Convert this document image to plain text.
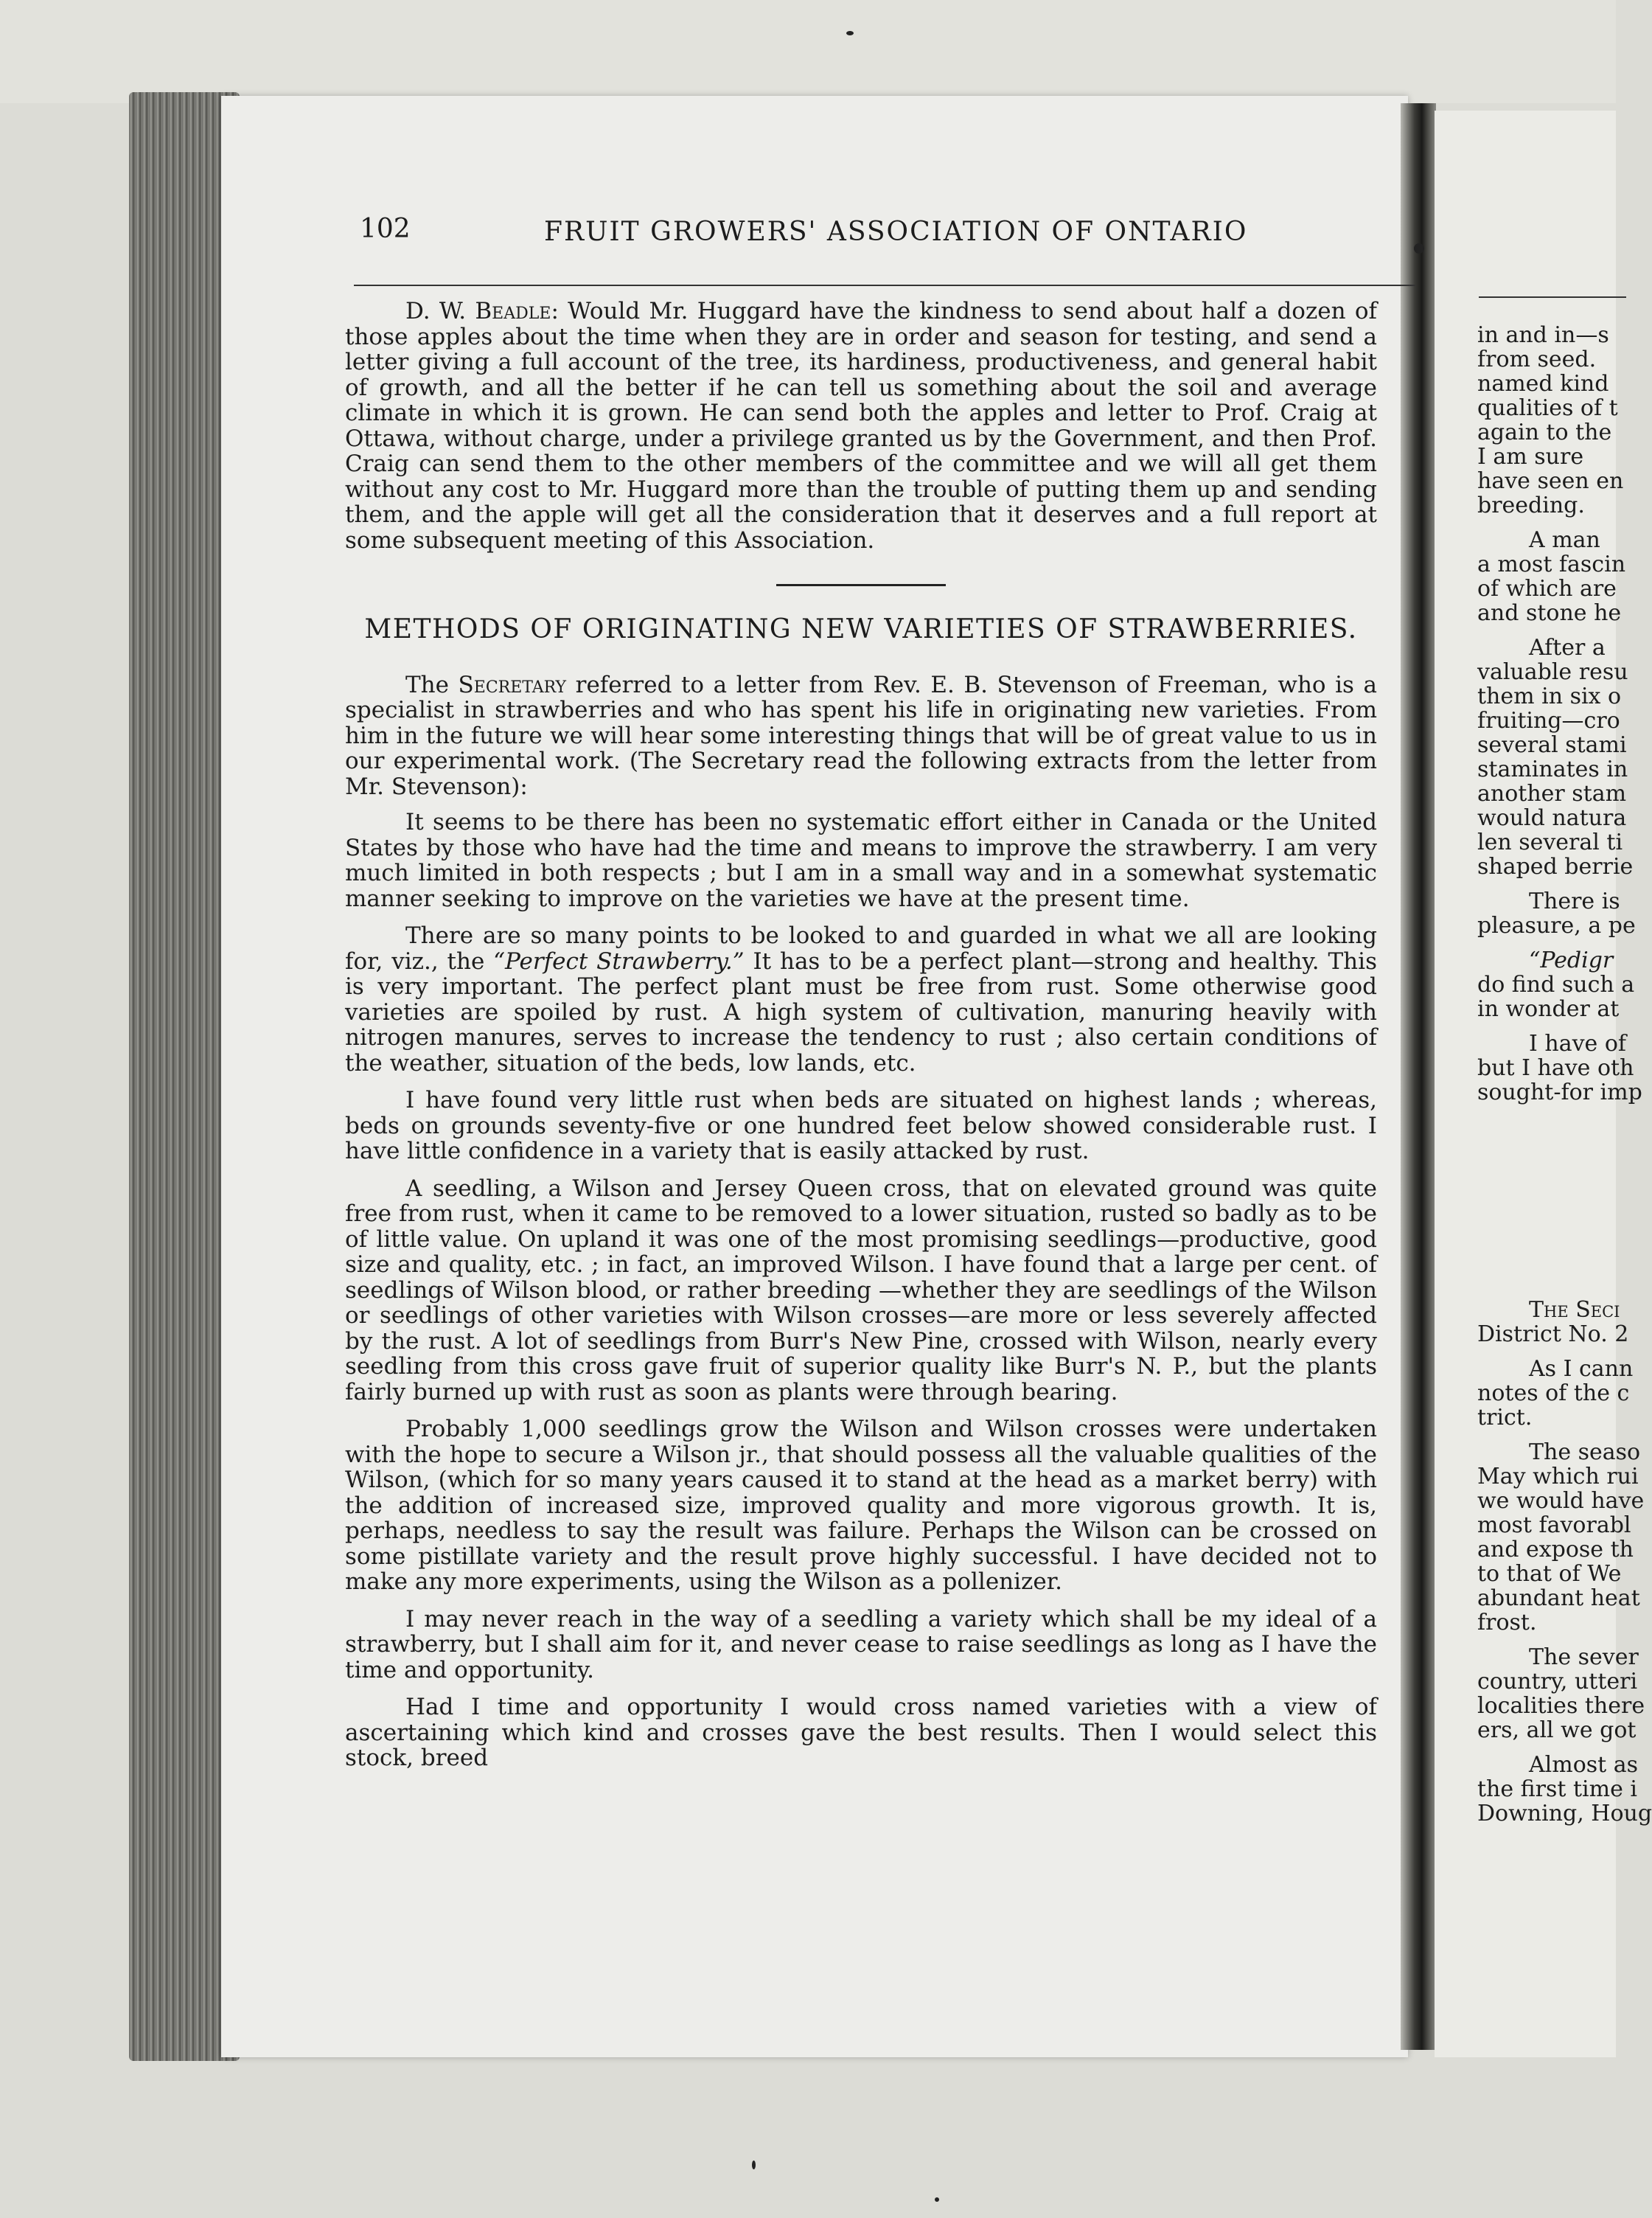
in and in—s
from seed.
named kind
qualities of t
again to the
I am sure
have seen en
breeding.
A man
a most fascin
of which are
and stone he
After a
valuable resu
them in six o
fruiting—cro
several stami
staminates in
another stam
would natura
len several ti
shaped berrie
There is
pleasure, a pe
“Pedigr
do find such a
in wonder at
I have of
but I have oth
sought-for imp
The Seci
District No. 2
As I cann
notes of the c
trict.
The seaso
May which rui
we would have
most favorabl
and expose th
to that of We
abundant heat
frost.
The sever
country, utteri
localities there
ers, all we got
Almost as
the first time i
Downing, Houg
102	FRUIT GROWERS' ASSOCIATION OF ONTARIO

D. W. Beadle: Would Mr. Huggard have the kindness to send about half a dozen of those apples about the time when they are in order and season for testing, and send a letter giving a full account of the tree, its hardiness, productiveness, and general habit of growth, and all the better if he can tell us something about the soil and average climate in which it is grown. He can send both the apples and letter to Prof. Craig at Ottawa, without charge, under a privilege granted us by the Government, and then Prof. Craig can send them to the other members of the committee and we will all get them without any cost to Mr. Huggard more than the trouble of putting them up and sending them, and the apple will get all the consideration that it deserves and a full report at some subsequent meeting of this Association.

METHODS OF ORIGINATING NEW VARIETIES OF STRAWBERRIES.

The Secretary referred to a letter from Rev. E. B. Stevenson of Freeman, who is a specialist in strawberries and who has spent his life in originating new varieties. From him in the future we will hear some interesting things that will be of great value to us in our experimental work. (The Secretary read the following extracts from the letter from Mr. Stevenson):

It seems to be there has been no systematic effort either in Canada or the United States by those who have had the time and means to improve the strawberry. I am very much limited in both respects ; but I am in a small way and in a somewhat systematic manner seeking to improve on the varieties we have at the present time.

There are so many points to be looked to and guarded in what we all are looking for, viz., the “Perfect Strawberry.” It has to be a perfect plant—strong and healthy. This is very important. The perfect plant must be free from rust. Some otherwise good varieties are spoiled by rust. A high system of cultivation, manuring heavily with nitrogen manures, serves to increase the tendency to rust ; also certain conditions of the weather, situation of the beds, low lands, etc.

I have found very little rust when beds are situated on highest lands ; whereas, beds on grounds seventy-five or one hundred feet below showed considerable rust. I have little confidence in a variety that is easily attacked by rust.

A seedling, a Wilson and Jersey Queen cross, that on elevated ground was quite free from rust, when it came to be removed to a lower situation, rusted so badly as to be of little value. On upland it was one of the most promising seedlings—productive, good size and quality, etc. ; in fact, an improved Wilson. I have found that a large per cent. of seedlings of Wilson blood, or rather breeding —whether they are seedlings of the Wilson or seedlings of other varieties with Wilson crosses—are more or less severely affected by the rust. A lot of seedlings from Burr's New Pine, crossed with Wilson, nearly every seedling from this cross gave fruit of superior quality like Burr's N. P., but the plants fairly burned up with rust as soon as plants were through bearing.

Probably 1,000 seedlings grow the Wilson and Wilson crosses were undertaken with the hope to secure a Wilson jr., that should possess all the valuable qualities of the Wilson, (which for so many years caused it to stand at the head as a market berry) with the addition of increased size, improved quality and more vigorous growth. It is, perhaps, needless to say the result was failure. Perhaps the Wilson can be crossed on some pistillate variety and the result prove highly successful. I have decided not to make any more experiments, using the Wilson as a pollenizer.

I may never reach in the way of a seedling a variety which shall be my ideal of a strawberry, but I shall aim for it, and never cease to raise seedlings as long as I have the time and opportunity.

Had I time and opportunity I would cross named varieties with a view of ascertaining which kind and crosses gave the best results. Then I would select this stock, breed
